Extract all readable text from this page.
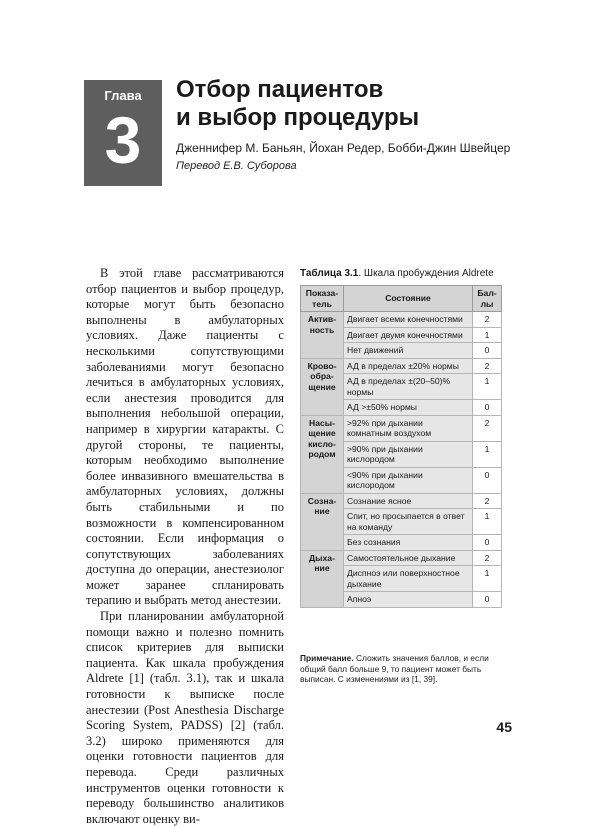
Глава
3
Отбор пациентов
и выбор процедуры
Дженнифер М. Баньян, Йохан Редер, Бобби-Джин Швейцер
Перевод Е.В. Суборова

В этой главе рассматриваются отбор пациентов и выбор процедур, которые могут быть безопасно выполнены в амбулаторных условиях. Даже пациенты с несколькими сопутствующими заболеваниями могут безопасно лечиться в амбулаторных условиях, если анестезия проводится для выполнения небольшой операции, например в хирургии катаракты. С другой стороны, те пациенты, которым необходимо выполнение более инвазивного вмешательства в амбулаторных условиях, должны быть стабильными и по возможности в компенсированном состоянии. Если информация о сопутствующих заболеваниях доступна до операции, анестезиолог может заранее спланировать терапию и выбрать метод анестезии.

При планировании амбулаторной помощи важно и полезно помнить список критериев для выписки пациента. Как шкала пробуждения Aldrete [1] (табл. 3.1), так и шкала готовности к выписке после анестезии (Post Anesthesia Discharge Scoring System, PADSS) [2] (табл. 3.2) широко применяются для оценки готовности пациентов для перевода. Среди различных инструментов оценки готовности к переводу большинство аналитиков включают оценку ви-

Таблица 3.1. Шкала пробуждения Aldrete
Показа-
тель	Состояние	Бал-
лы
Актив-
ность	Двигает всеми конечностями	2
	Двигает двумя конечностями	1
	Нет движений	0
Крово-
обра-
щение	АД в пределах ±20% нормы	2
	АД в пределах ±(20–50)% нормы	1
	АД >±50% нормы	0
Насы-
щение
кисло-
родом	>92% при дыхании комнатным воздухом	2
	>90% при дыхании кислородом	1
	<90% при дыхании кислородом	0
Созна-
ние	Сознание ясное	2
	Спит, но просыпается в ответ на команду	1
	Без сознания	0
Дыха-
ние	Самостоятельное дыхание	2
	Диспноэ или поверхностное дыхание	1
	Апноэ	0
Примечание. Сложить значения баллов, и если общий балл больше 9, то пациент может быть выписан. С изменениями из [1, 39].
45
